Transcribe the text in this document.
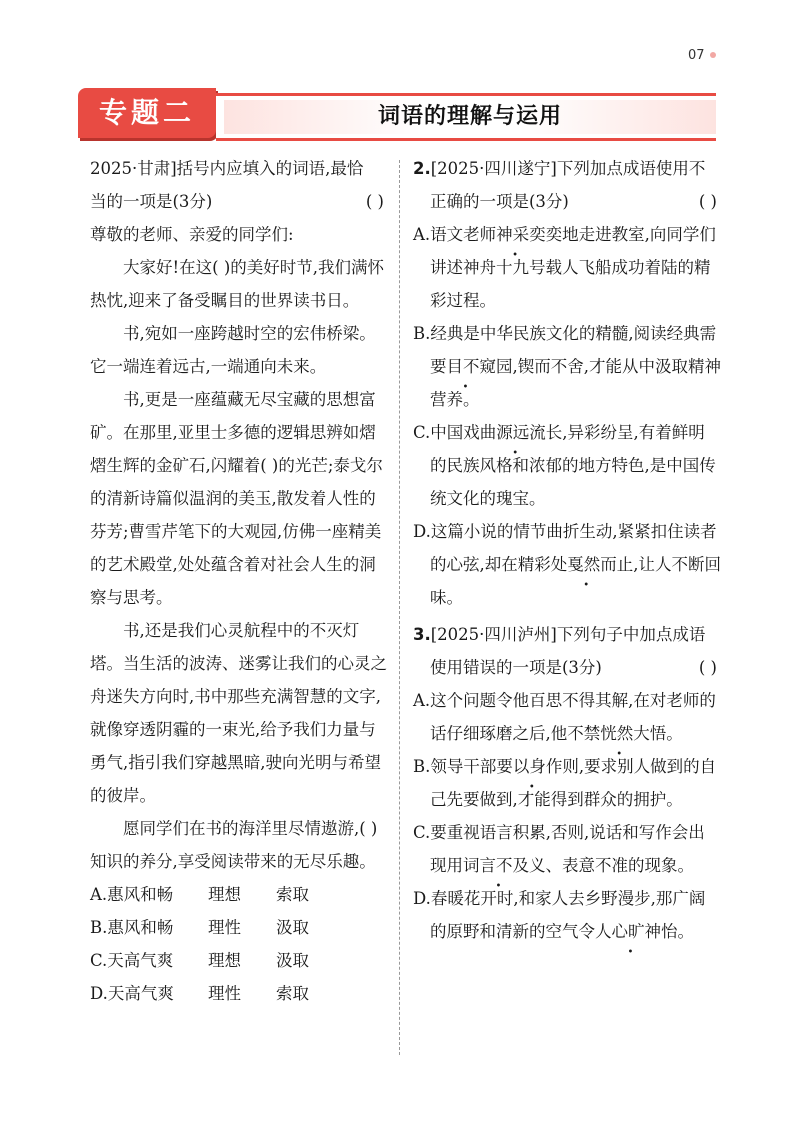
07
专题二	词语的理解与运用

2025·甘肃]括号内应填入的词语,最恰

当的一项是(3分)	( )

尊敬的老师、亲爱的同学们:

大家好!在这( )的美好时节,我们满怀热忱,迎来了备受瞩目的世界读书日。

书,宛如一座跨越时空的宏伟桥梁。它一端连着远古,一端通向未来。

书,更是一座蕴藏无尽宝藏的思想富矿。在那里,亚里士多德的逻辑思辨如熠熠生辉的金矿石,闪耀着( )的光芒;泰戈尔的清新诗篇似温润的美玉,散发着人性的芬芳;曹雪芹笔下的大观园,仿佛一座精美的艺术殿堂,处处蕴含着对社会人生的洞察与思考。

书,还是我们心灵航程中的不灭灯塔。当生活的波涛、迷雾让我们的心灵之舟迷失方向时,书中那些充满智慧的文字,就像穿透阴霾的一束光,给予我们力量与勇气,指引我们穿越黑暗,驶向光明与希望的彼岸。

愿同学们在书的海洋里尽情遨游,( )知识的养分,享受阅读带来的无尽乐趣。

A.惠风和畅	理想	索取
B.惠风和畅	理性	汲取
C.天高气爽	理想	汲取
D.天高气爽	理性	索取

2.[2025·四川遂宁]下列加点成语使用不

正确的一项是(3分)	( )

A.语文老师神采奕奕地走进教室,向同学们讲述神舟十九号载人飞船成功着陆的精彩过程。

B.经典是中华民族文化的精髓,阅读经典需要目不窥园,锲而不舍,才能从中汲取精神营养。

C.中国戏曲源远流长,异彩纷呈,有着鲜明的民族风格和浓郁的地方特色,是中国传统文化的瑰宝。

D.这篇小说的情节曲折生动,紧紧扣住读者的心弦,却在精彩处戛然而止,让人不断回味。

3.[2025·四川泸州]下列句子中加点成语

使用错误的一项是(3分)	( )

A.这个问题令他百思不得其解,在对老师的话仔细琢磨之后,他不禁恍然大悟。

B.领导干部要以身作则,要求别人做到的自己先要做到,才能得到群众的拥护。

C.要重视语言积累,否则,说话和写作会出现用词言不及义、表意不准的现象。

D.春暖花开时,和家人去乡野漫步,那广阔的原野和清新的空气令人心旷神怡。
